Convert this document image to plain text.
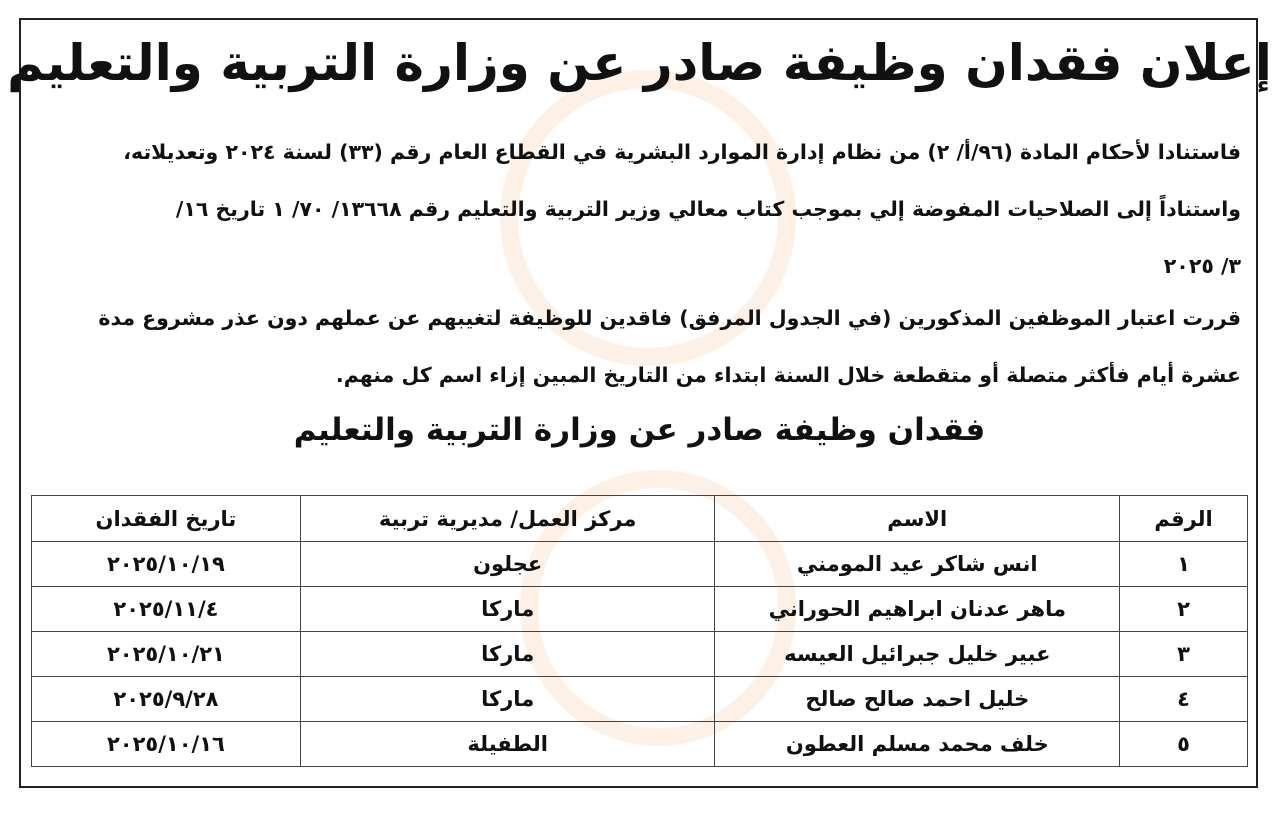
إعلان فقدان وظيفة صادر عن وزارة التربية والتعليم
فاستنادا لأحكام المادة (٩٦/أ/ ٢) من نظام إدارة الموارد البشرية في القطاع العام رقم (٣٣) لسنة ٢٠٢٤ وتعديلاته،
واستناداً إلى الصلاحيات المفوضة إلي بموجب كتاب معالي وزير التربية والتعليم رقم ١٣٦٦٨/ ٧٠/ ١ تاريخ ١٦/
٣/ ٢٠٢٥
قررت اعتبار الموظفين المذكورين (في الجدول المرفق) فاقدين للوظيفة لتغيبهم عن عملهم دون عذر مشروع مدة
عشرة أيام فأكثر متصلة أو متقطعة خلال السنة ابتداء من التاريخ المبين إزاء اسم كل منهم.
فقدان وظيفة صادر عن وزارة التربية والتعليم
الرقم	الاسم	مركز العمل/ مديرية تربية	تاريخ الفقدان
١	انس شاكر عيد المومني	عجلون	٢٠٢٥/١٠/١٩
٢	ماهر عدنان ابراهيم الحوراني	ماركا	٢٠٢٥/١١/٤
٣	عبير خليل جبرائيل العيسه	ماركا	٢٠٢٥/١٠/٢١
٤	خليل احمد صالح صالح	ماركا	٢٠٢٥/٩/٢٨
٥	خلف محمد مسلم العطون	الطفيلة	٢٠٢٥/١٠/١٦
